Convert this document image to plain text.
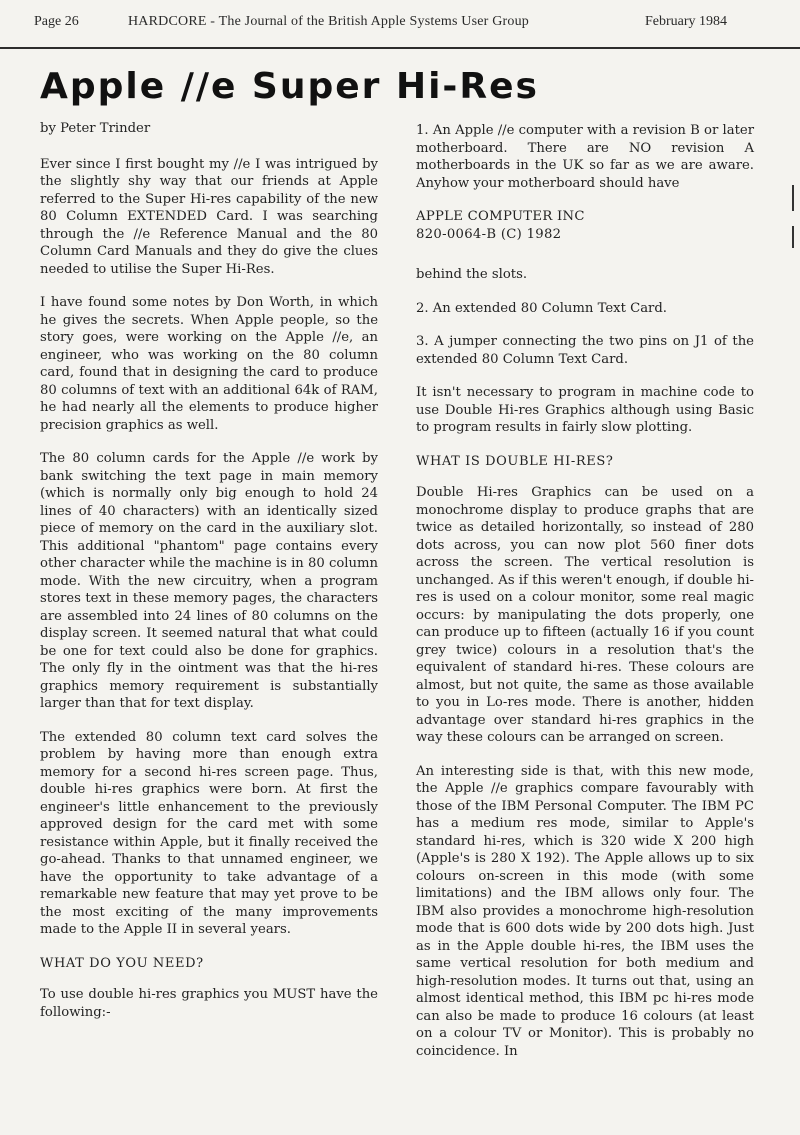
Page 26	HARDCORE - The Journal of the British Apple Systems User Group	February 1984
Apple //e Super Hi-Res

by Peter Trinder

Ever since I first bought my //e I was intrigued by the slightly shy way that our friends at Apple referred to the Super Hi-res capability of the new 80 Column EXTENDED Card. I was searching through the //e Reference Manual and the 80 Column Card Manuals and they do give the clues needed to utilise the Super Hi-Res.

I have found some notes by Don Worth, in which he gives the secrets. When Apple people, so the story goes, were working on the Apple //e, an engineer, who was working on the 80 column card, found that in designing the card to produce 80 columns of text with an additional 64k of RAM, he had nearly all the elements to produce higher precision graphics as well.

The 80 column cards for the Apple //e work by bank switching the text page in main memory (which is normally only big enough to hold 24 lines of 40 characters) with an identically sized piece of memory on the card in the auxiliary slot. This additional "phantom" page contains every other character while the machine is in 80 column mode. With the new circuitry, when a program stores text in these memory pages, the characters are assembled into 24 lines of 80 columns on the display screen. It seemed natural that what could be one for text could also be done for graphics. The only fly in the ointment was that the hi-res graphics memory requirement is substantially larger than that for text display.

The extended 80 column text card solves the problem by having more than enough extra memory for a second hi-res screen page. Thus, double hi-res graphics were born. At first the engineer's little enhancement to the previously approved design for the card met with some resistance within Apple, but it finally received the go-ahead. Thanks to that unnamed engineer, we have the opportunity to take advantage of a remarkable new feature that may yet prove to be the most exciting of the many improvements made to the Apple II in several years.

WHAT DO YOU NEED?

To use double hi-res graphics you MUST have the following:-

1. An Apple //e computer with a revision B or later motherboard. There are NO revision A motherboards in the UK so far as we are aware. Anyhow your motherboard should have

APPLE COMPUTER INC
820-0064-B (C) 1982

behind the slots.

2. An extended 80 Column Text Card.

3. A jumper connecting the two pins on J1 of the extended 80 Column Text Card.

It isn't necessary to program in machine code to use Double Hi-res Graphics although using Basic to program results in fairly slow plotting.

WHAT IS DOUBLE HI-RES?

Double Hi-res Graphics can be used on a monochrome display to produce graphs that are twice as detailed horizontally, so instead of 280 dots across, you can now plot 560 finer dots across the screen. The vertical resolution is unchanged. As if this weren't enough, if double hi-res is used on a colour monitor, some real magic occurs: by manipulating the dots properly, one can produce up to fifteen (actually 16 if you count grey twice) colours in a resolution that's the equivalent of standard hi-res. These colours are almost, but not quite, the same as those available to you in Lo-res mode. There is another, hidden advantage over standard hi-res graphics in the way these colours can be arranged on screen.

An interesting side is that, with this new mode, the Apple //e graphics compare favourably with those of the IBM Personal Computer. The IBM PC has a medium res mode, similar to Apple's standard hi-res, which is 320 wide X 200 high (Apple's is 280 X 192). The Apple allows up to six colours on-screen in this mode (with some limitations) and the IBM allows only four. The IBM also provides a monochrome high-resolution mode that is 600 dots wide by 200 dots high. Just as in the Apple double hi-res, the IBM uses the same vertical resolution for both medium and high-resolution modes. It turns out that, using an almost identical method, this IBM pc hi-res mode can also be made to produce 16 colours (at least on a colour TV or Monitor). This is probably no coincidence. In
